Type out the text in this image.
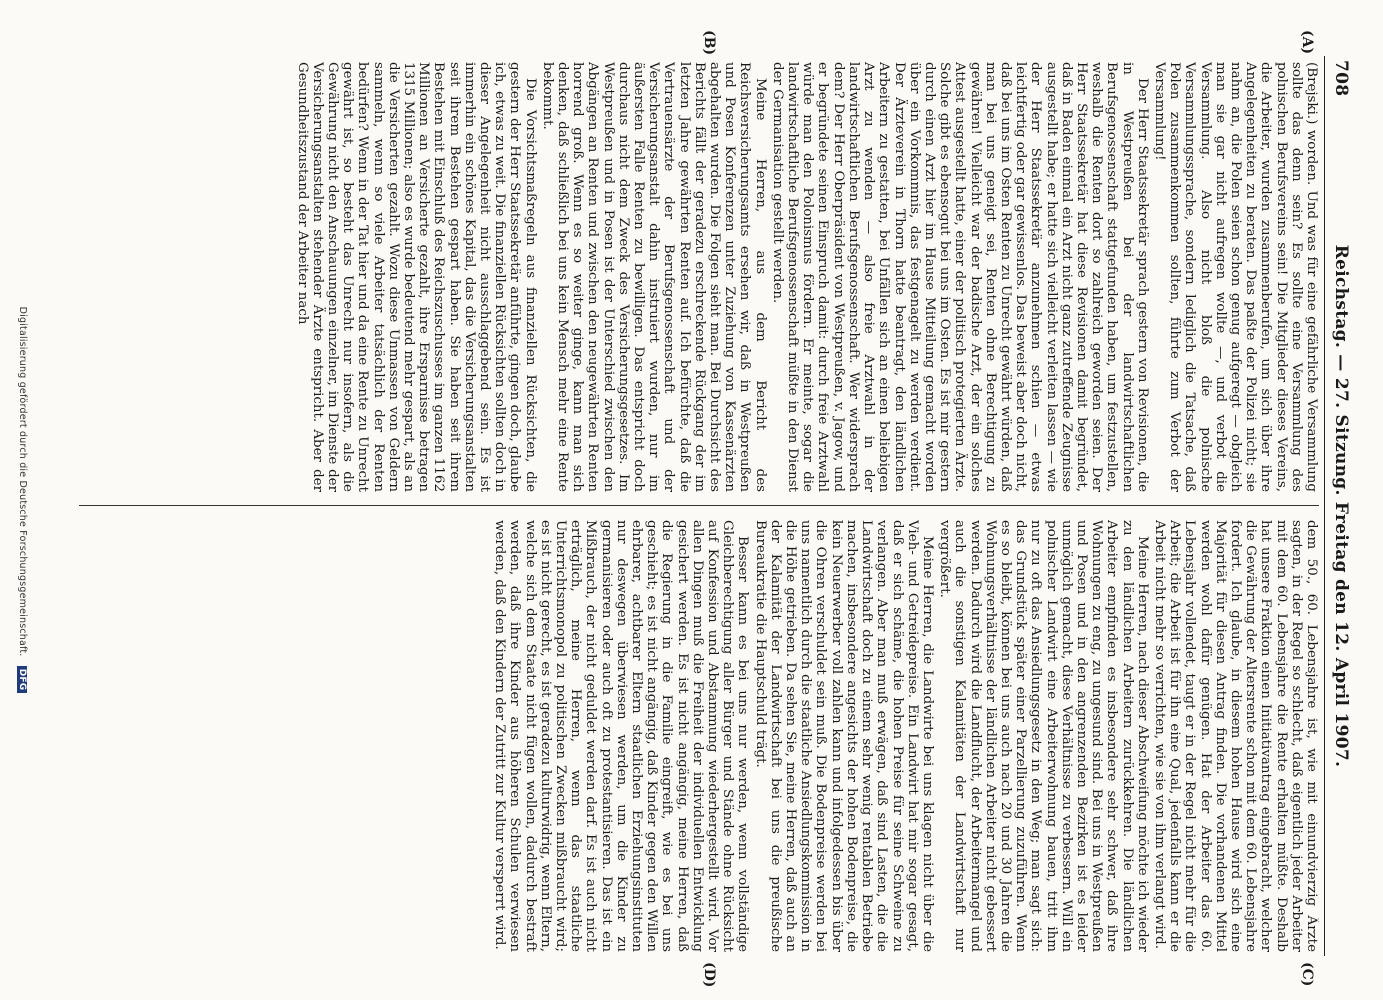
708
Reichstag. — 27. Sitzung. Freitag den 12. April 1907.
(A)
(B)
(C)
(D)

(Brejski.) worden. Und was für eine gefährliche Versammlung sollte das denn sein? Es sollte eine Versammlung des polnischen Berufsvereins sein! Die Mitglieder dieses Vereins, die Arbeiter, wurden zusammenberufen, um sich über ihre Angelegenheiten zu beraten. Das paßte der Polizei nicht; sie nahm an, die Polen seien schon genug aufgeregt — obgleich man sie gar nicht aufregen wollte —, und verbot die Versammlung. Also nicht bloß die polnische Versammlungssprache, sondern lediglich die Tatsache, daß Polen zusammenkommen sollten, führte zum Verbot der Versammlung!

Der Herr Staatssekretär sprach gestern von Revisionen, die in Westpreußen bei der landwirtschaftlichen Berufsgenossenschaft stattgefunden haben, um festzustellen, weshalb die Renten dort so zahlreich geworden seien. Der Herr Staatssekretär hat diese Revisionen damit begründet, daß in Baden einmal ein Arzt nicht ganz zutreffende Zeugnisse ausgestellt habe; er hatte sich vielleicht verleiten lassen — wie der Herr Staatssekretär anzunehmen schien — etwas leichtfertig oder gar gewissenlos. Das beweist aber doch nicht, daß bei uns im Osten Renten zu Unrecht gewährt würden, daß man bei uns geneigt sei, Renten ohne Berechtigung zu gewähren! Vielleicht war der badische Arzt, der ein solches Attest ausgestellt hatte, einer der politisch protegierten Ärzte. Solche gibt es ebensogut bei uns im Osten. Es ist mir gestern durch einen Arzt hier im Hause Mitteilung gemacht worden über ein Vorkommnis, das festgenagelt zu werden verdient. Der Ärzteverein in Thorn hatte beantragt, den ländlichen Arbeitern zu gestatten, bei Unfällen sich an einen beliebigen Arzt zu wenden — also freie Arztwahl in der landwirtschaftlichen Berufsgenossenschaft. Wer widersprach dem? Der Herr Oberpräsident von Westpreußen, v. Jagow, und er begründete seinen Einspruch damit: durch freie Arztwahl würde man den Polonismus fördern. Er meinte, sogar die landwirtschaftliche Berufsgenossenschaft müßte in den Dienst der Germanisation gestellt werden.

Meine Herren, aus dem Bericht des Reichsversicherungsamts ersehen wir, daß in Westpreußen und Posen Konferenzen unter Zuziehung von Kassenärzten abgehalten wurden. Die Folgen sieht man. Bei Durchsicht des Berichts fällt der geradezu erschreckende Rückgang der im letzten Jahre gewährten Renten auf. Ich befürchte, daß die Vertrauensärzte der Berufsgenossenschaft und der Versicherungsanstalt dahin instruiert wurden, nur im äußersten Falle Renten zu bewilligen. Das entspricht doch durchaus nicht dem Zweck des Versicherungsgesetzes. Im Westpreußen und in Posen ist der Unterschied zwischen den Abgängen an Renten und zwischen den neugewährten Renten horrend groß. Wenn es so weiter ginge, kann man sich denken, daß schließlich bei uns kein Mensch mehr eine Rente bekommt.

Die Vorsichtsmaßregeln aus finanziellen Rücksichten, die gestern der Herr Staatssekretär anführte, gingen doch, glaube ich, etwas zu weit. Die finanziellen Rücksichten sollten doch in dieser Angelegenheit nicht ausschlaggebend sein. Es ist immerhin ein schönes Kapital, das die Versicherungsanstalten seit ihrem Bestehen gespart haben. Sie haben seit ihrem Bestehen mit Einschluß des Reichszuschusses im ganzen 1162 Millionen an Versicherte gezahlt, ihre Ersparnisse betragen 1315 Millionen; also es wurde bedeutend mehr gespart, als an die Versicherten gezahlt. Wozu diese Unmassen von Geldern sammeln, wenn so viele Arbeiter tatsächlich der Renten bedürfen? Wenn in der Tat hier und da eine Rente zu Unrecht gewährt ist, so besteht das Unrecht nur insofern, als die Gewährung nicht den Anschauungen einzelner, im Dienste der Versicherungsanstalten stehender Ärzte entspricht. Aber der Gesundheitszustand der Arbeiter nach

dem 50., 60. Lebensjahre ist, wie mit einundvierzig Ärzte sagten, in der Regel so schlecht, daß eigentlich jeder Arbeiter mit dem 60. Lebensjahre die Rente erhalten müßte. Deshalb hat unsere Fraktion einen Initiativantrag eingebracht, welcher die Gewährung der Altersrente schon mit dem 60. Lebensjahre fordert. Ich glaube, in diesem hohen Hause wird sich eine Majorität für diesen Antrag finden. Die vorhandenen Mittel werden wohl dafür genügen. Hat der Arbeiter das 60. Lebensjahr vollendet, taugt er in der Regel nicht mehr für die Arbeit; die Arbeit ist für ihn eine Qual, jedenfalls kann er die Arbeit nicht mehr so verrichten, wie sie von ihm verlangt wird.

Meine Herren, nach dieser Abschweifung möchte ich wieder zu den ländlichen Arbeitern zurückkehren. Die ländlichen Arbeiter empfinden es insbesondere sehr schwer, daß ihre Wohnungen zu eng, zu ungesund sind. Bei uns in Westpreußen und Posen und in den angrenzenden Bezirken ist es leider unmöglich gemacht, diese Verhältnisse zu verbessern. Will ein polnischer Landwirt eine Arbeiterwohnung bauen, tritt ihm nur zu oft das Ansiedlungsgesetz in den Weg; man sagt sich: das Grundstück später einer Parzellierung zuzuführen. Wenn es so bleibt, können bei uns auch nach 20 und 30 Jahren die Wohnungsverhältnisse der ländlichen Arbeiter nicht gebessert werden. Dadurch wird die Landflucht, der Arbeitermangel und auch die sonstigen Kalamitäten der Landwirtschaft nur vergrößert.

Meine Herren, die Landwirte bei uns klagen nicht über die Vieh- und Getreidepreise. Ein Landwirt hat mir sogar gesagt, daß er sich schäme, die hohen Preise für seine Schweine zu verlangen. Aber man muß erwägen, daß sind Lasten, die die Landwirtschaft doch zu einem sehr wenig rentablen Betriebe machen, insbesondere angesichts der hohen Bodenpreise, die kein Neuerwerber voll zahlen kann und infolgedessen bis über die Ohren verschuldet sein muß. Die Bodenpreise werden bei uns namentlich durch die staatliche Ansiedlungskommission in die Höhe getrieben. Da sehen Sie, meine Herren, daß auch an der Kalamität der Landwirtschaft bei uns die preußische Bureaukratie die Hauptschuld trägt.

Besser kann es bei uns nur werden, wenn vollständige Gleichberechtigung aller Bürger und Stände ohne Rücksicht auf Konfession und Abstammung wiederhergestellt wird. Vor allen Dingen muß die Freiheit der individuellen Entwicklung gesichert werden. Es ist nicht angängig, meine Herren, daß die Regierung in die Familie eingreift, wie es bei uns geschieht; es ist nicht angängig, daß Kinder gegen den Willen ehrbarer, achtbarer Eltern staatlichen Erziehungsinstituten nur deswegen überwiesen werden, um die Kinder zu germanisieren oder auch oft zu protestantisieren. Das ist ein Mißbrauch, der nicht geduldet werden darf. Es ist auch nicht erträglich, meine Herren, wenn das staatliche Unterrichtsmonopol zu politischen Zwecken mißbraucht wird; es ist nicht gerecht, es ist geradezu kulturwidrig, wenn Eltern, welche sich dem Staate nicht fügen wollen, dadurch bestraft werden, daß ihre Kinder aus höheren Schulen verwiesen werden, daß den Kindern der Zutritt zur Kultur versperrt wird.

Digitalisierung gefördert durch die Deutsche Forschungsgemeinschaft. DFG
